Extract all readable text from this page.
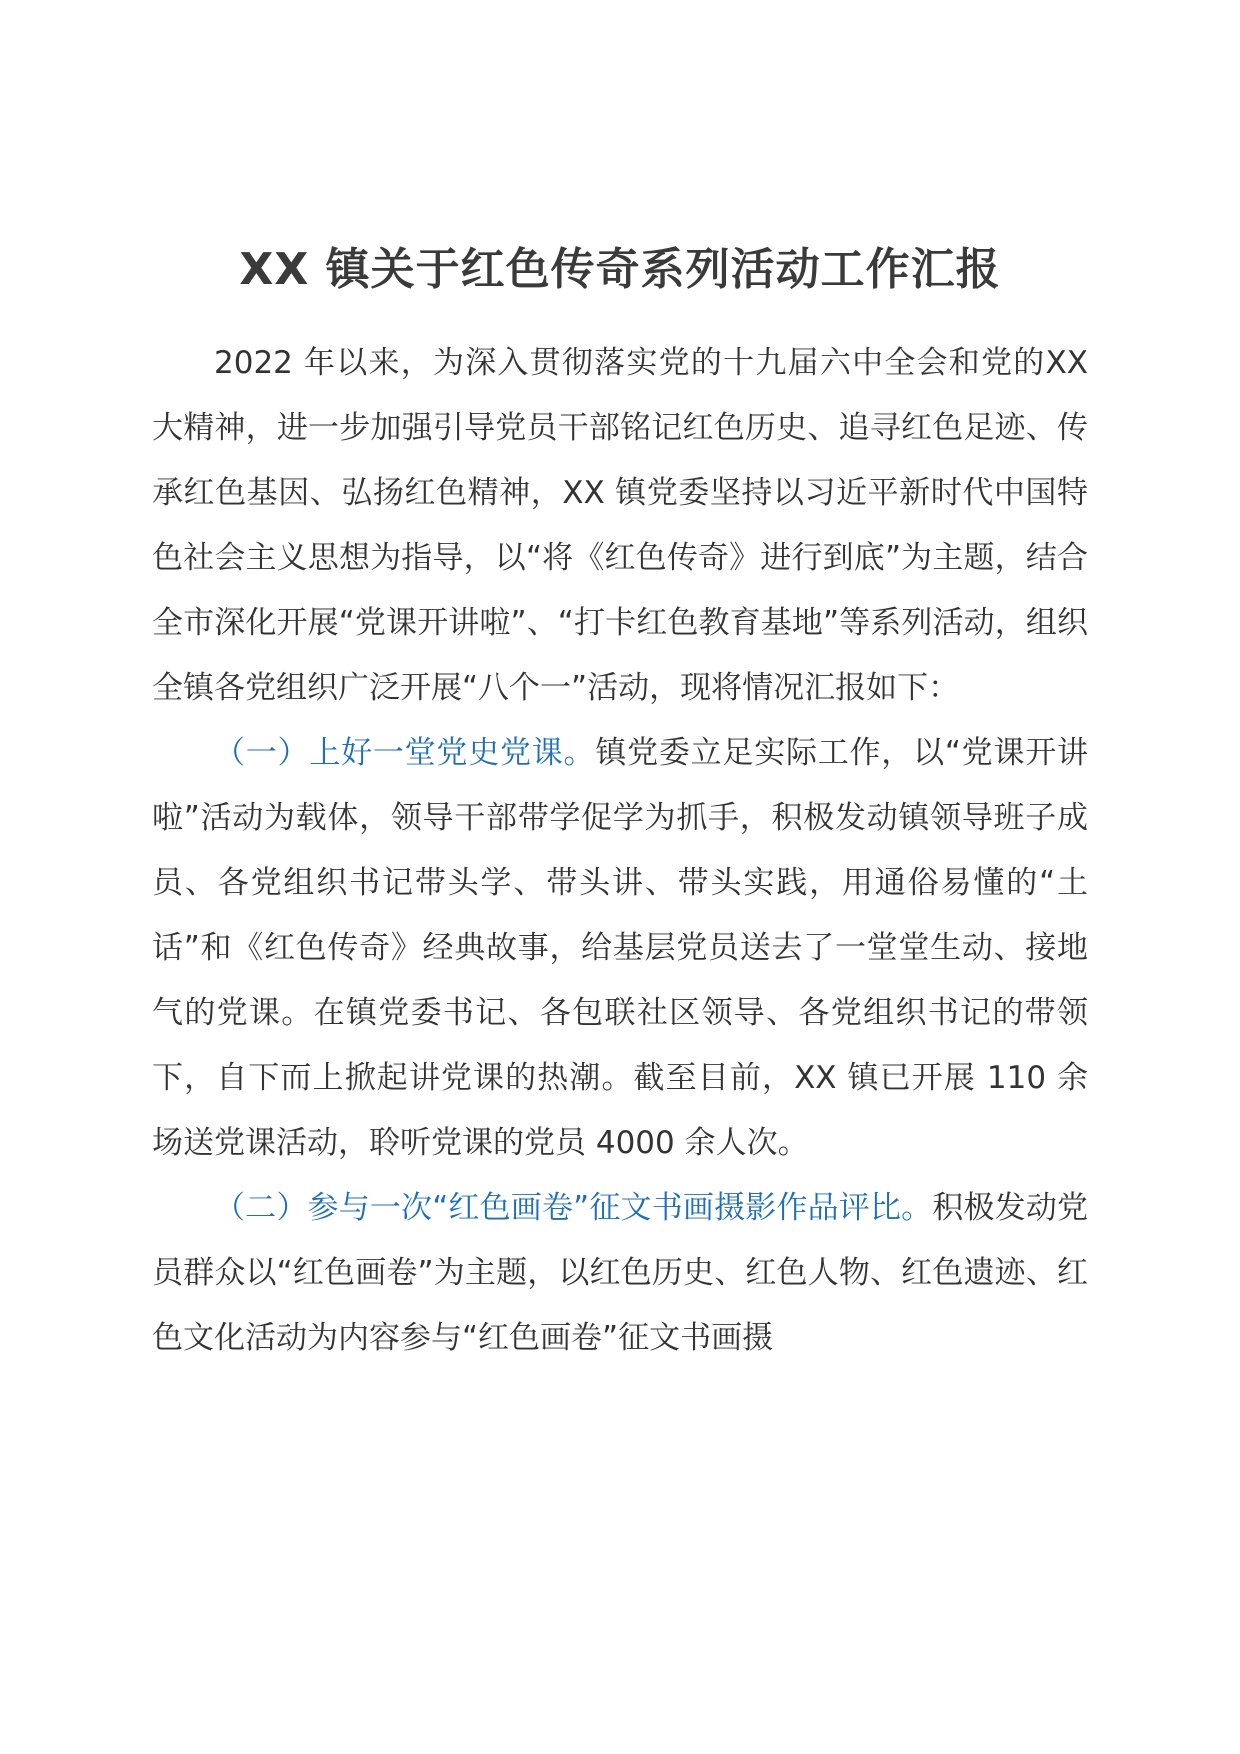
XX 镇关于红色传奇系列活动工作汇报

2022 年以来，为深入贯彻落实党的十九届六中全会和党的XX 大精神，进一步加强引导党员干部铭记红色历史、追寻红色足迹、传承红色基因、弘扬红色精神，XX 镇党委坚持以习近平新时代中国特色社会主义思想为指导，以“将《红色传奇》进行到底”为主题，结合全市深化开展“党课开讲啦”、“打卡红色教育基地”等系列活动，组织全镇各党组织广泛开展“八个一”活动，现将情况汇报如下：

（一）上好一堂党史党课。镇党委立足实际工作，以“党课开讲啦”活动为载体，领导干部带学促学为抓手，积极发动镇领导班子成员、各党组织书记带头学、带头讲、带头实践，用通俗易懂的“土话”和《红色传奇》经典故事，给基层党员送去了一堂堂生动、接地气的党课。在镇党委书记、各包联社区领导、各党组织书记的带领下，自下而上掀起讲党课的热潮。截至目前，XX 镇已开展 110 余场送党课活动，聆听党课的党员 4000 余人次。

（二）参与一次“红色画卷”征文书画摄影作品评比。积极发动党员群众以“红色画卷”为主题，以红色历史、红色人物、红色遗迹、红色文化活动为内容参与“红色画卷”征文书画摄
